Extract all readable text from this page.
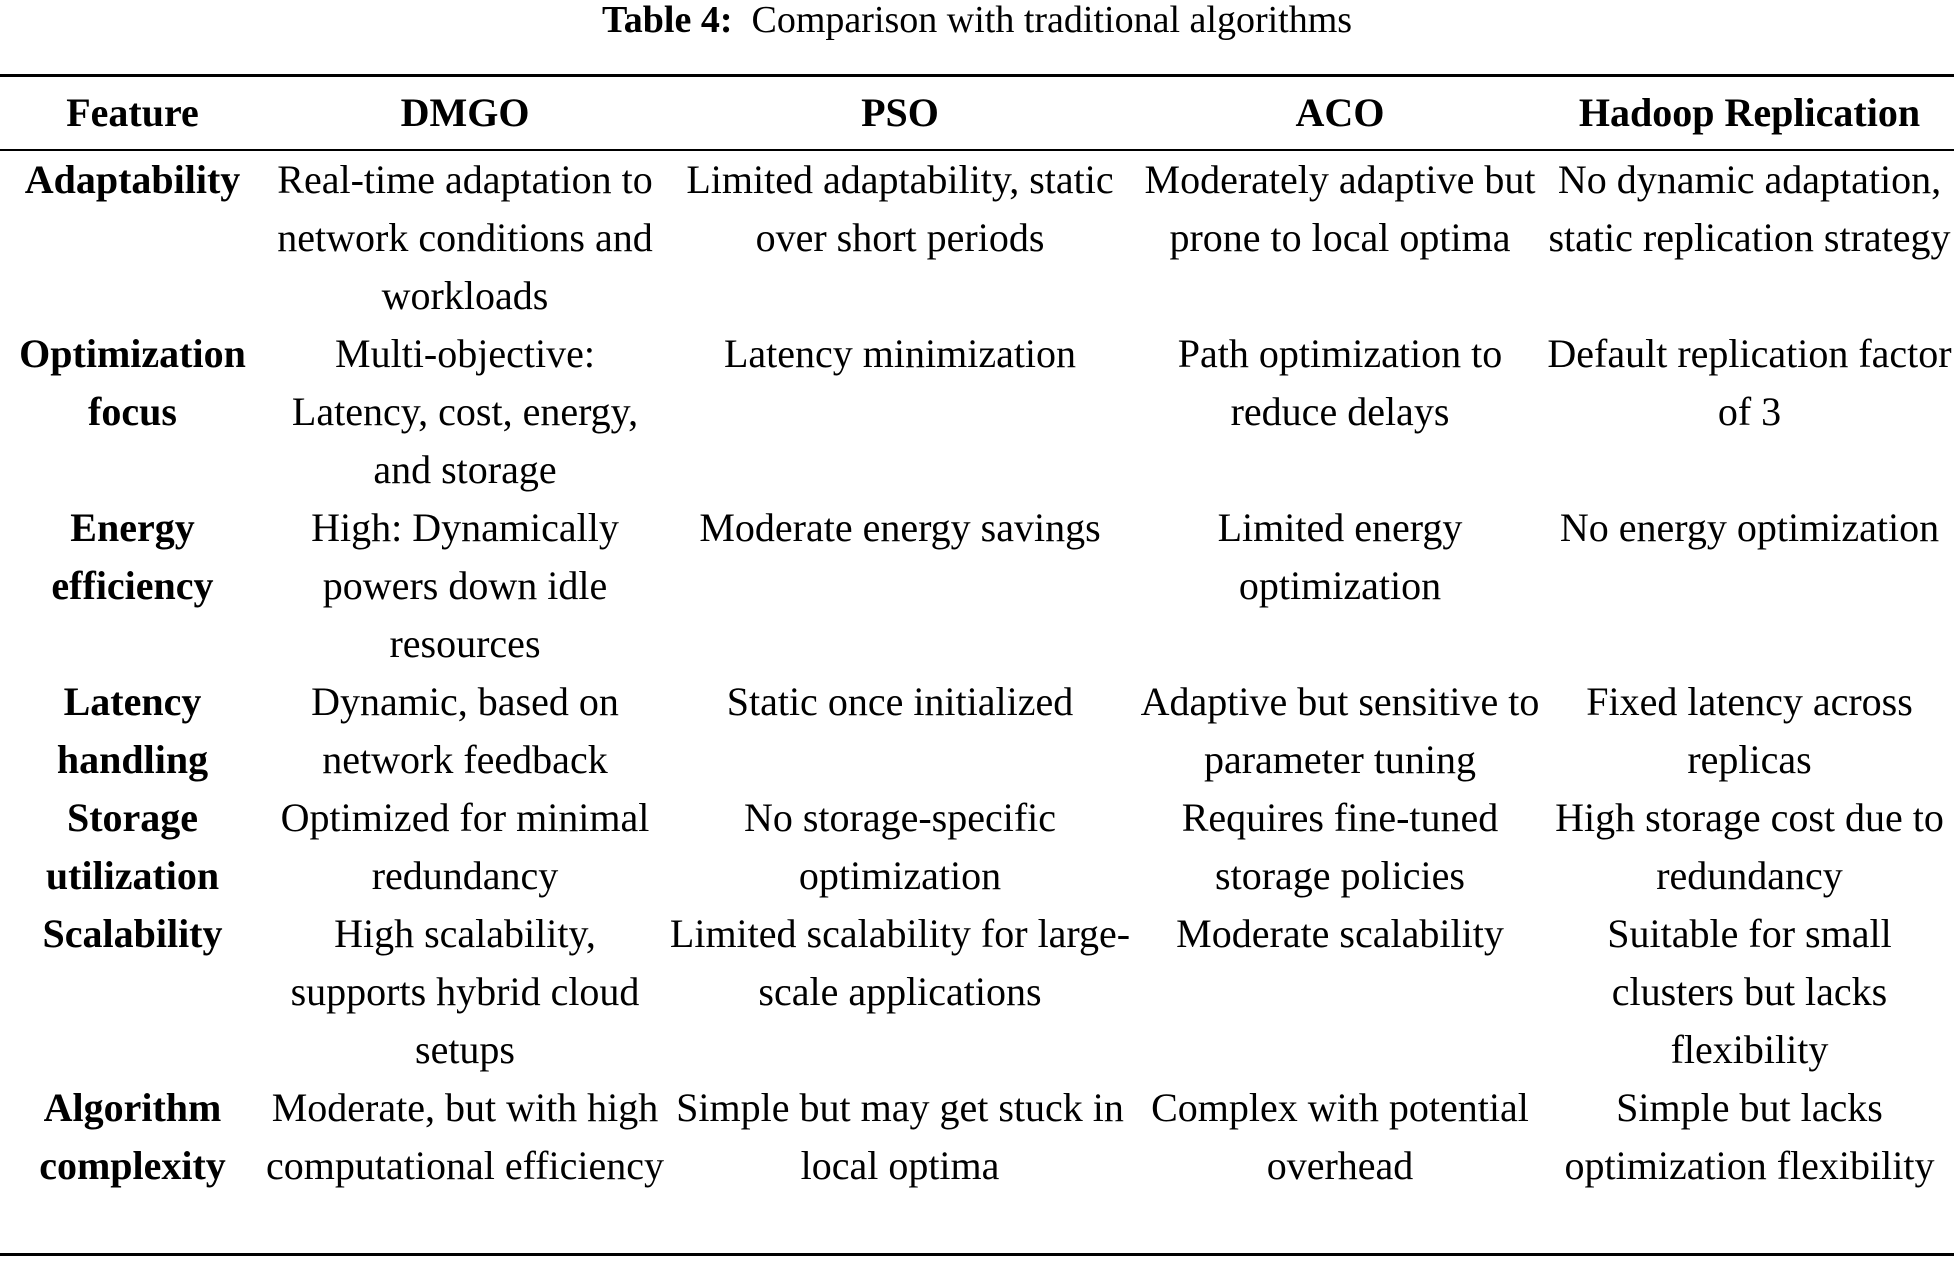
Table 4: Comparison with traditional algorithms
Feature	DMGO	PSO	ACO	Hadoop Replication
Adaptability	Real-time adaptation to network conditions and workloads	Limited adaptability, static over short periods	Moderately adaptive but prone to local optima	No dynamic adaptation, static replication strategy
Optimization focus	Multi-objective: Latency, cost, energy, and storage	Latency minimization	Path optimization to reduce delays	Default replication factor of 3
Energy efficiency	High: Dynamically powers down idle resources	Moderate energy savings	Limited energy optimization	No energy optimization
Latency handling	Dynamic, based on network feedback	Static once initialized	Adaptive but sensitive to parameter tuning	Fixed latency across replicas
Storage utilization	Optimized for minimal redundancy	No storage-specific optimization	Requires fine-tuned storage policies	High storage cost due to redundancy
Scalability	High scalability, supports hybrid cloud setups	Limited scalability for large-scale applications	Moderate scalability	Suitable for small clusters but lacks flexibility
Algorithm complexity	Moderate, but with high computational efficiency	Simple but may get stuck in local optima	Complex with potential overhead	Simple but lacks optimization flexibility
